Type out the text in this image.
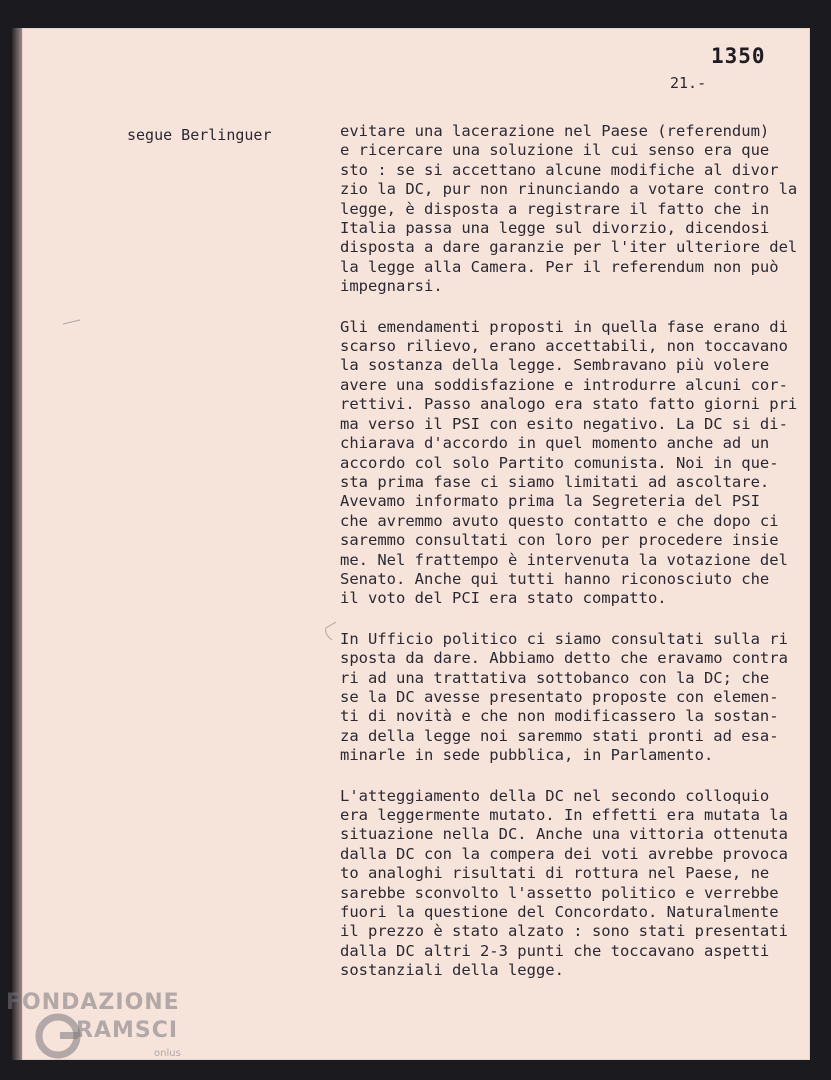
1350
21.-
segue Berlinguer	evitare una lacerazione nel Paese (referendum)
e ricercare una soluzione il cui senso era que
sto : se si accettano alcune modifiche al divor
zio la DC, pur non rinunciando a votare contro la
legge, è disposta a registrare il fatto che in
Italia passa una legge sul divorzio, dicendosi
disposta a dare garanzie per l'iter ulteriore del
la legge alla Camera. Per il referendum non può
impegnarsi.
Gli emendamenti proposti in quella fase erano di
scarso rilievo, erano accettabili, non toccavano
la sostanza della legge. Sembravano più volere
avere una soddisfazione e introdurre alcuni cor-
rettivi. Passo analogo era stato fatto giorni pri
ma verso il PSI con esito negativo. La DC si di-
chiarava d'accordo in quel momento anche ad un
accordo col solo Partito comunista. Noi in que-
sta prima fase ci siamo limitati ad ascoltare.
Avevamo informato prima la Segreteria del PSI
che avremmo avuto questo contatto e che dopo ci
saremmo consultati con loro per procedere insie
me. Nel frattempo è intervenuta la votazione del
Senato. Anche qui tutti hanno riconosciuto che
il voto del PCI era stato compatto.
In Ufficio politico ci siamo consultati sulla ri
sposta da dare. Abbiamo detto che eravamo contra
ri ad una trattativa sottobanco con la DC; che
se la DC avesse presentato proposte con elemen-
ti di novità e che non modificassero la sostan-
za della legge noi saremmo stati pronti ad esa-
minarle in sede pubblica, in Parlamento.
L'atteggiamento della DC nel secondo colloquio
era leggermente mutato. In effetti era mutata la
situazione nella DC. Anche una vittoria ottenuta
dalla DC con la compera dei voti avrebbe provoca
to analoghi risultati di rottura nel Paese, ne
sarebbe sconvolto l'assetto politico e verrebbe
fuori la questione del Concordato. Naturalmente
il prezzo è stato alzato : sono stati presentati
dalla DC altri 2-3 punti che toccavano aspetti
sostanziali della legge.
FONDAZIONE
RAMSCI
onlus
